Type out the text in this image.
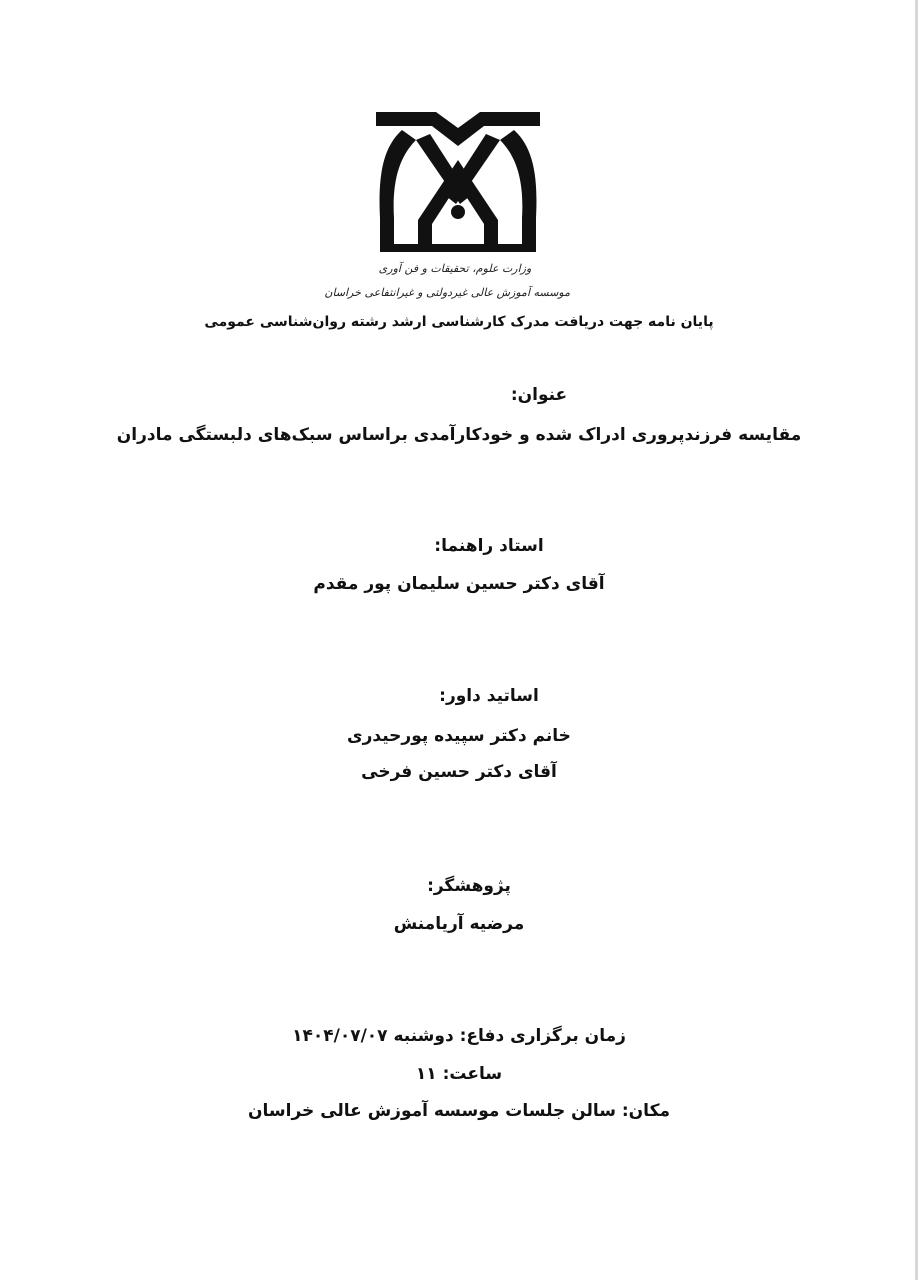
وزارت علوم، تحقیقات و فن آوری
موسسه آموزش عالی غیردولتی و غیرانتفاعی خراسان
پایان نامه جهت دریافت مدرک کارشناسی ارشد رشته روان‌شناسی عمومی
عنوان:
مقایسه فرزندپروری ادراک شده و خودکارآمدی براساس سبک‌های دلبستگی مادران
استاد راهنما:
آقای دکتر حسین سلیمان پور مقدم
اساتید داور:
خانم دکتر سپیده پورحیدری
آقای دکتر حسین فرخی
پژوهشگر:
مرضیه آریامنش
زمان برگزاری دفاع: دوشنبه ۱۴۰۴/۰۷/۰۷
ساعت: ۱۱
مکان: سالن جلسات موسسه آموزش عالی خراسان
